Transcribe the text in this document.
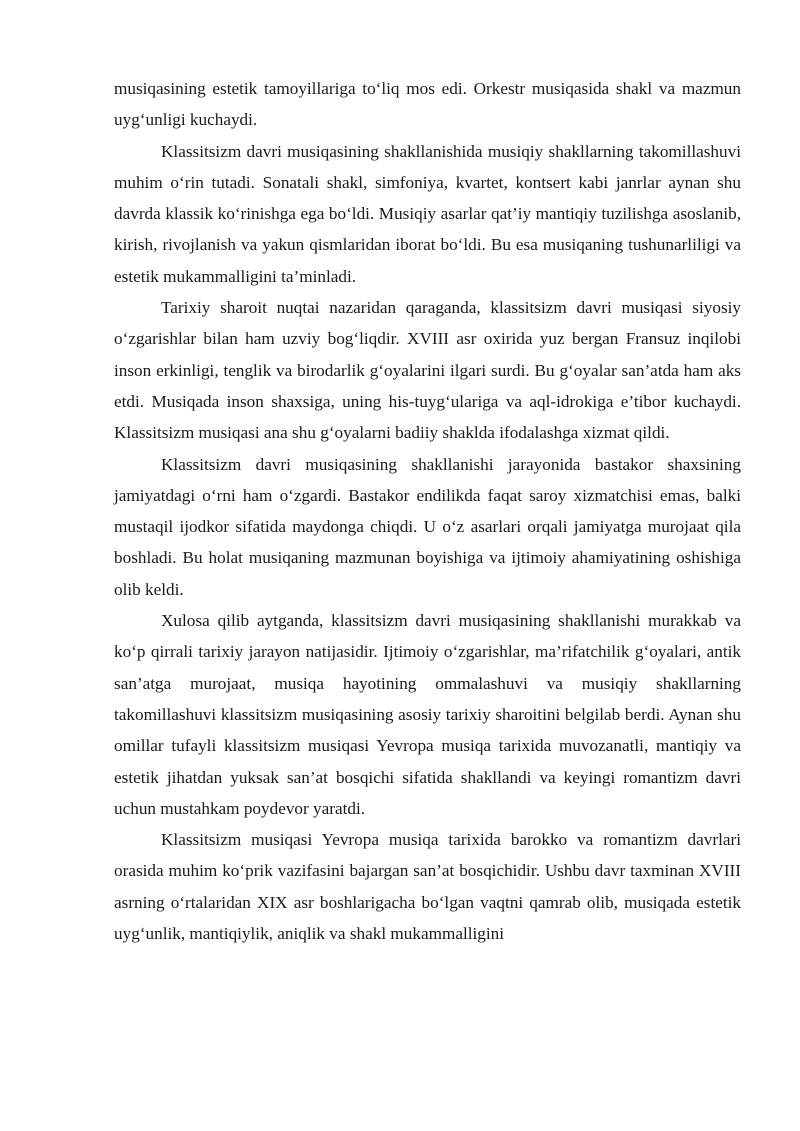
musiqasining estetik tamoyillariga to‘liq mos edi. Orkestr musiqasida shakl va mazmun uyg‘unligi kuchaydi.

Klassitsizm davri musiqasining shakllanishida musiqiy shakllarning takomillashuvi muhim o‘rin tutadi. Sonatali shakl, simfoniya, kvartet, kontsert kabi janrlar aynan shu davrda klassik ko‘rinishga ega bo‘ldi. Musiqiy asarlar qat’iy mantiqiy tuzilishga asoslanib, kirish, rivojlanish va yakun qismlaridan iborat bo‘ldi. Bu esa musiqaning tushunarliligi va estetik mukammalligini ta’minladi.

Tarixiy sharoit nuqtai nazaridan qaraganda, klassitsizm davri musiqasi siyosiy o‘zgarishlar bilan ham uzviy bog‘liqdir. XVIII asr oxirida yuz bergan Fransuz inqilobi inson erkinligi, tenglik va birodarlik g‘oyalarini ilgari surdi. Bu g‘oyalar san’atda ham aks etdi. Musiqada inson shaxsiga, uning his-tuyg‘ulariga va aql-idrokiga e’tibor kuchaydi. Klassitsizm musiqasi ana shu g‘oyalarni badiiy shaklda ifodalashga xizmat qildi.

Klassitsizm davri musiqasining shakllanishi jarayonida bastakor shaxsining jamiyatdagi o‘rni ham o‘zgardi. Bastakor endilikda faqat saroy xizmatchisi emas, balki mustaqil ijodkor sifatida maydonga chiqdi. U o‘z asarlari orqali jamiyatga murojaat qila boshladi. Bu holat musiqaning mazmunan boyishiga va ijtimoiy ahamiyatining oshishiga olib keldi.

Xulosa qilib aytganda, klassitsizm davri musiqasining shakllanishi murakkab va ko‘p qirrali tarixiy jarayon natijasidir. Ijtimoiy o‘zgarishlar, ma’rifatchilik g‘oyalari, antik san’atga murojaat, musiqa hayotining ommalashuvi va musiqiy shakllarning takomillashuvi klassitsizm musiqasining asosiy tarixiy sharoitini belgilab berdi. Aynan shu omillar tufayli klassitsizm musiqasi Yevropa musiqa tarixida muvozanatli, mantiqiy va estetik jihatdan yuksak san’at bosqichi sifatida shakllandi va keyingi romantizm davri uchun mustahkam poydevor yaratdi.

Klassitsizm musiqasi Yevropa musiqa tarixida barokko va romantizm davrlari orasida muhim ko‘prik vazifasini bajargan san’at bosqichidir. Ushbu davr taxminan XVIII asrning o‘rtalaridan XIX asr boshlarigacha bo‘lgan vaqtni qamrab olib, musiqada estetik uyg‘unlik, mantiqiylik, aniqlik va shakl mukammalligini
